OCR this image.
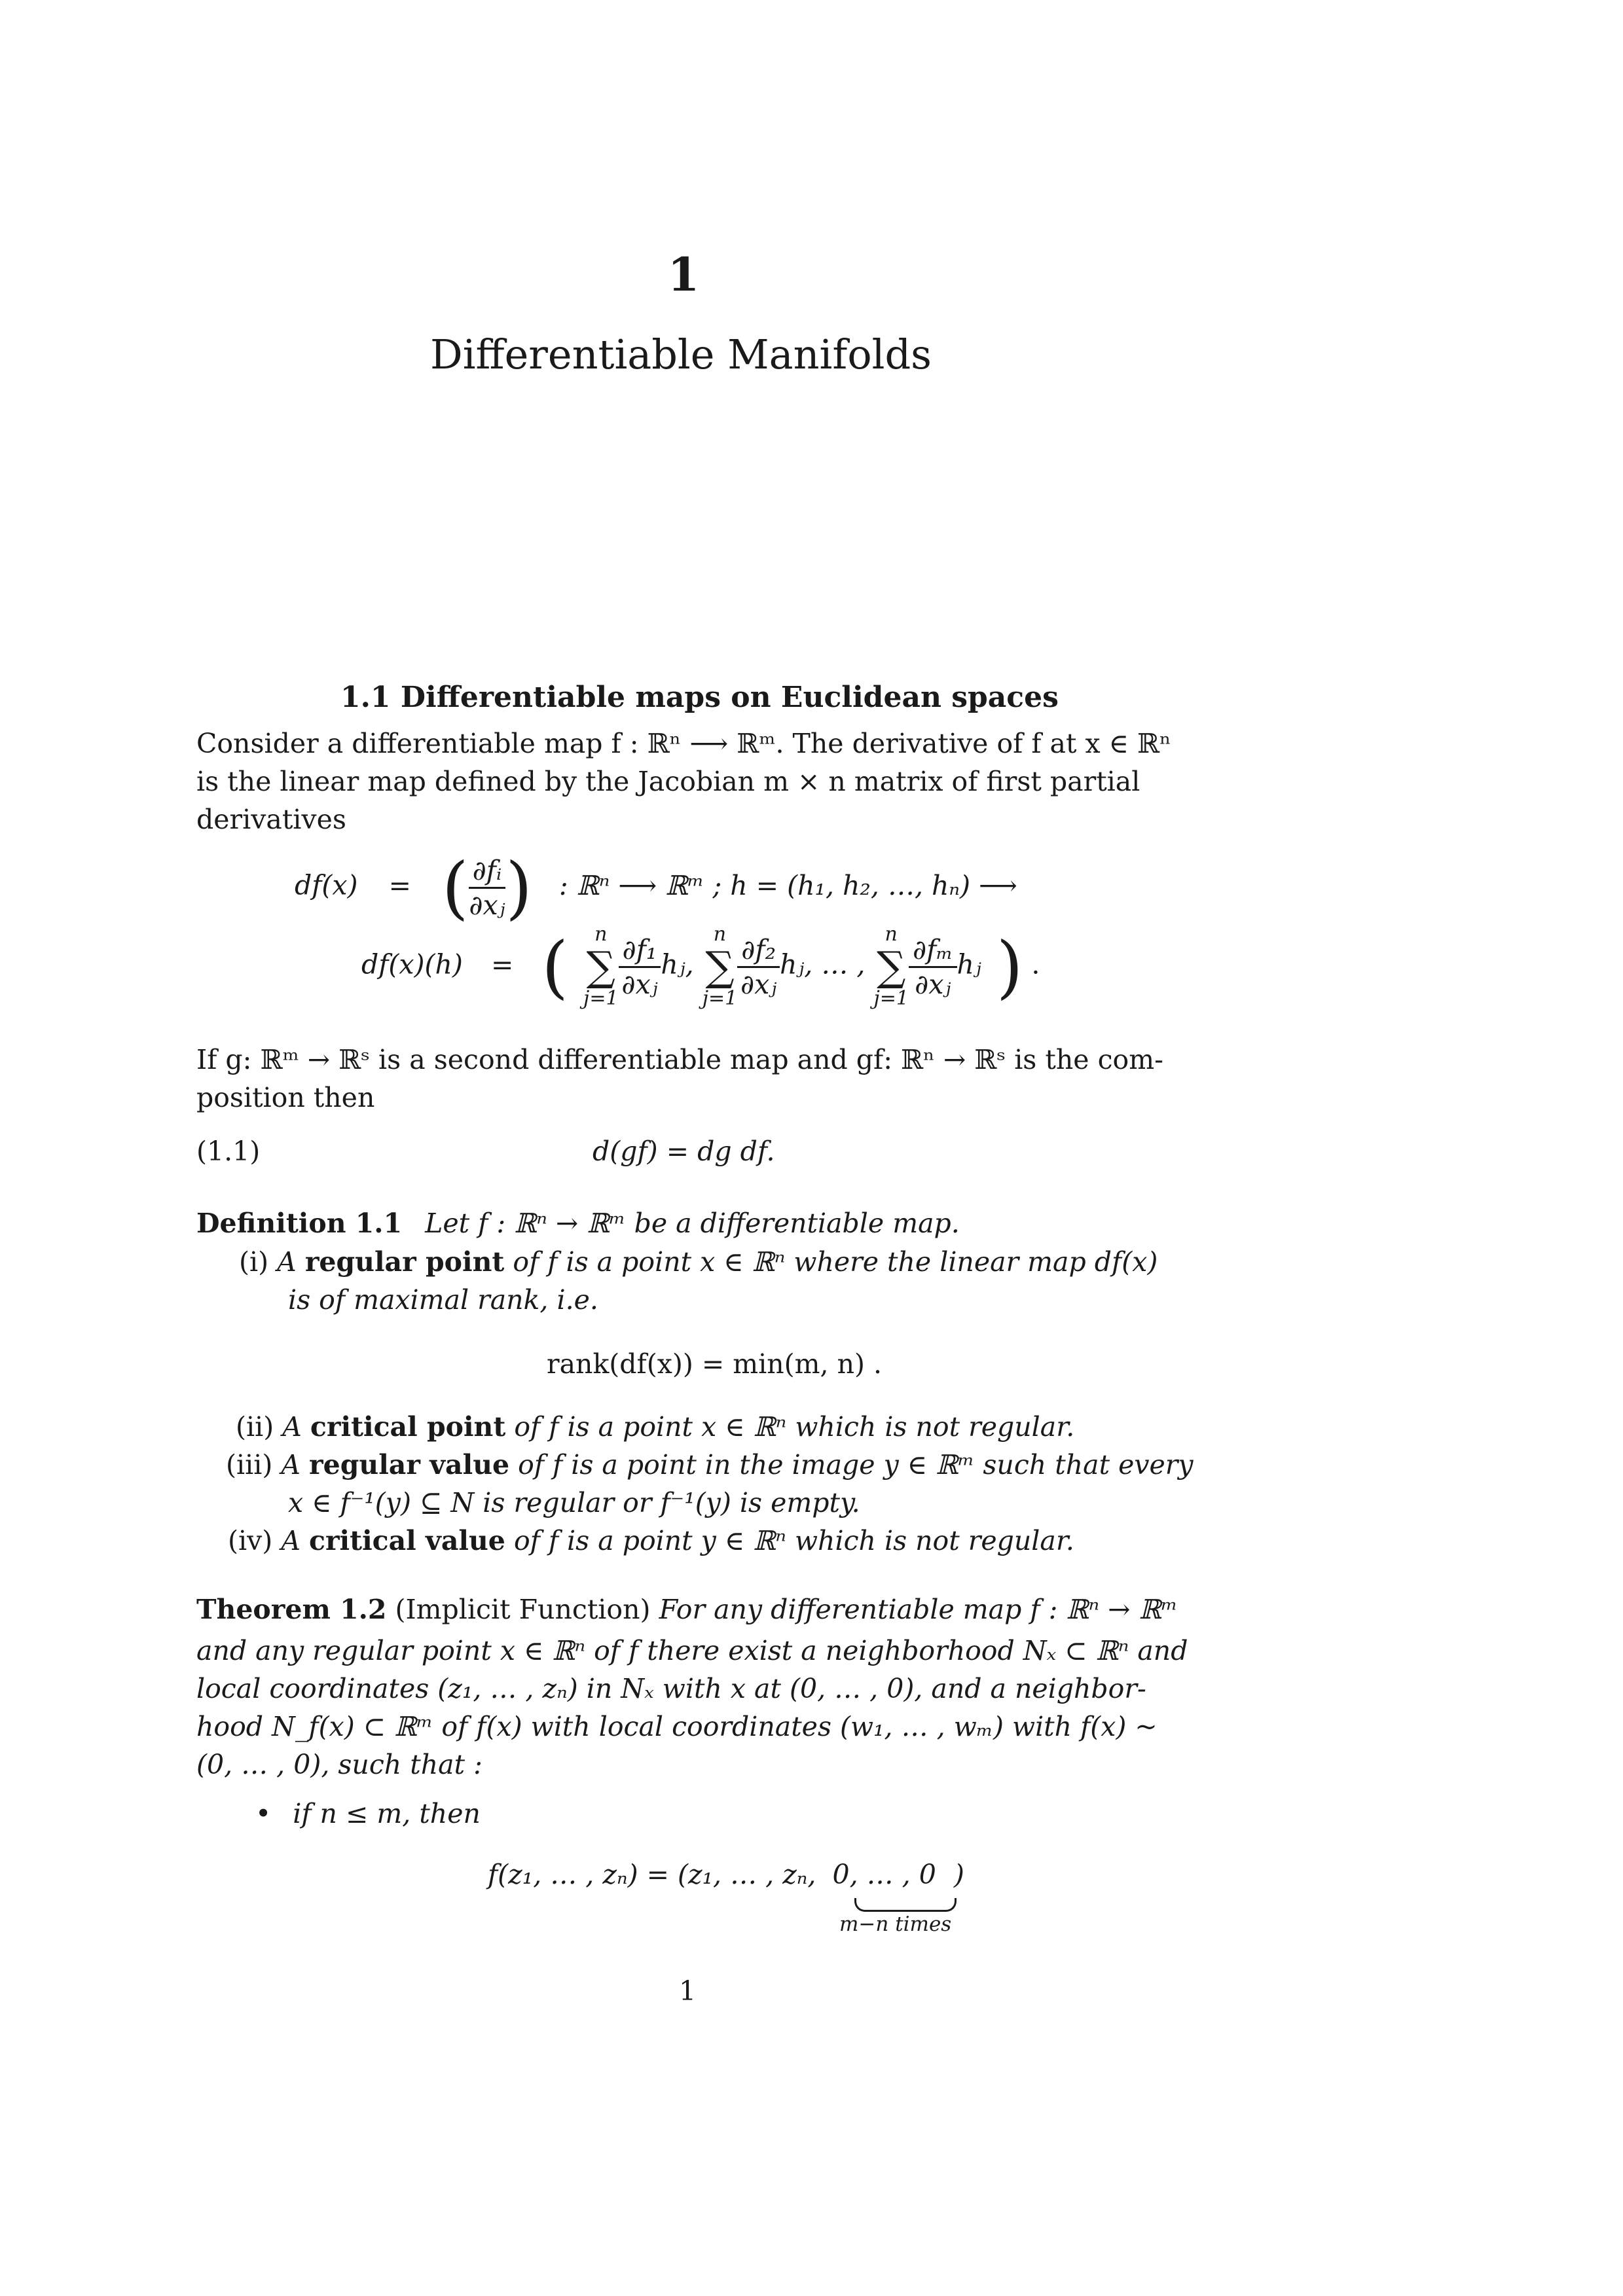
1
Differentiable Manifolds
1.1 Differentiable maps on Euclidean spaces
Consider a differentiable map f : ℝⁿ ⟶ ℝᵐ. The derivative of f at x ∈ ℝⁿ
is the linear map defined by the Jacobian m × n matrix of first partial
derivatives
df(x) = ( $\frac{\text{∂fᵢ}}{\text{∂xⱼ}}$ ) : ℝⁿ ⟶ ℝᵐ ; h = (h₁, h₂, …, hₙ) ⟶
df(x)(h) = (	n
∑
$j=1 \frac{\text{∂f₁}}{\text{∂xⱼ}}$ hⱼ,
n
∑
$j=1 \frac{\text{∂f₂}}{\text{∂xⱼ}}$ hⱼ, … ,
n
∑
$j=1 \frac{\text{∂fₘ}}{\text{∂xⱼ}}$ hⱼ ) .
If g: ℝᵐ → ℝˢ is a second differentiable map and gf: ℝⁿ → ℝˢ is the com-
position then
(1.1)	d(gf) = dg df.
Definition 1.1 Let f : ℝⁿ → ℝᵐ be a differentiable map.
(i) A regular point of f is a point x ∈ ℝⁿ where the linear map df(x)
is of maximal rank, i.e.
rank(df(x)) = min(m, n) .
(ii) A critical point of f is a point x ∈ ℝⁿ which is not regular.
(iii) A regular value of f is a point in the image y ∈ ℝᵐ such that every
x ∈ f⁻¹(y) ⊆ N is regular or f⁻¹(y) is empty.
(iv) A critical value of f is a point y ∈ ℝⁿ which is not regular.
Theorem 1.2 (Implicit Function) For any differentiable map f : ℝⁿ → ℝᵐ
and any regular point x ∈ ℝⁿ of f there exist a neighborhood Nₓ ⊂ ℝⁿ and
local coordinates (z₁, … , zₙ) in Nₓ with x at (0, … , 0), and a neighbor-
hood N_f(x) ⊂ ℝᵐ of f(x) with local coordinates (w₁, … , wₘ) with f(x) ~
(0, … , 0), such that :
• if n ≤ m, then
f(z₁, … , zₙ) = (z₁, … , zₙ, 0, … , 0 )
m−n times
1
